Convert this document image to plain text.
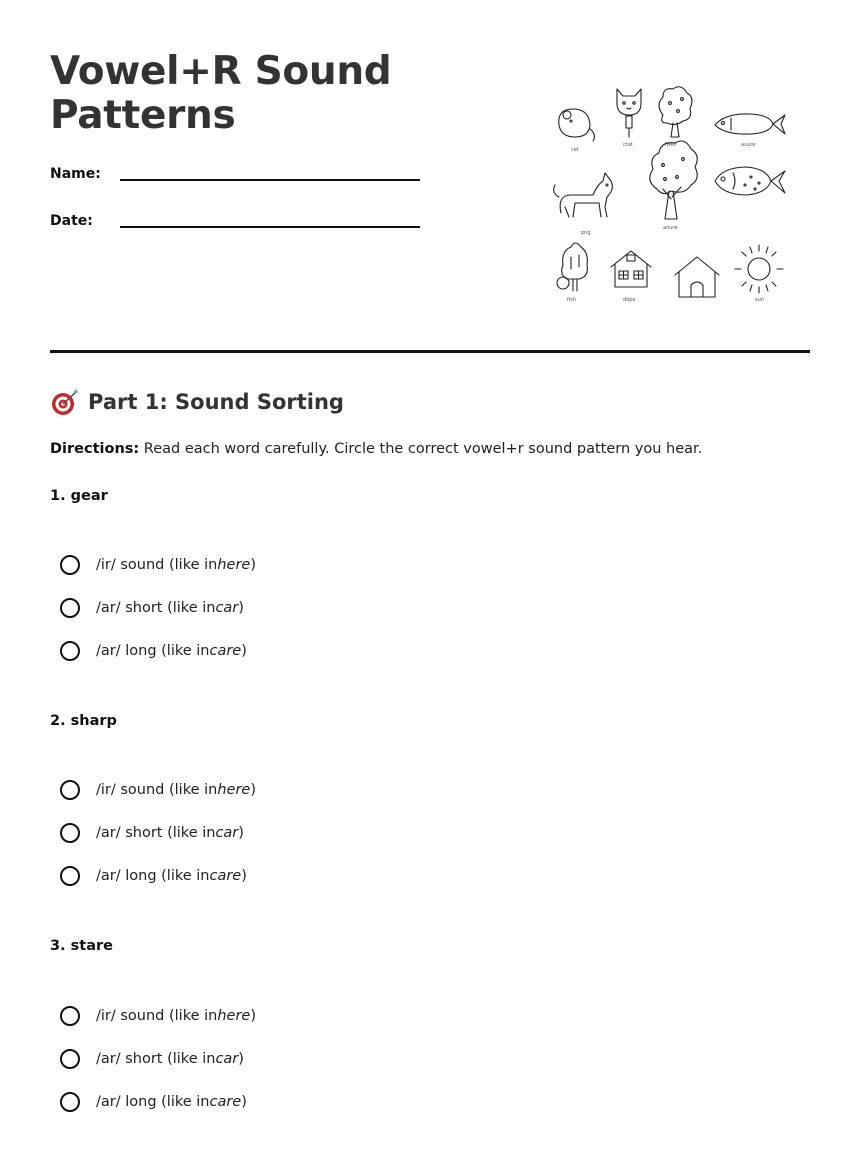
Vowel+R Sound
Patterns
Name:
Date:
cat
ctat	fwell	auure
png
anure
fish	dope	sun
Part 1: Sound Sorting
Directions: Read each word carefully. Circle the correct vowel+r sound pattern you hear.
1. gear
/ir/ sound (like in here )
/ar/ short (like in car )
/ar/ long (like in care )
2. sharp
/ir/ sound (like in here )
/ar/ short (like in car )
/ar/ long (like in care )
3. stare
/ir/ sound (like in here )
/ar/ short (like in car )
/ar/ long (like in care )
